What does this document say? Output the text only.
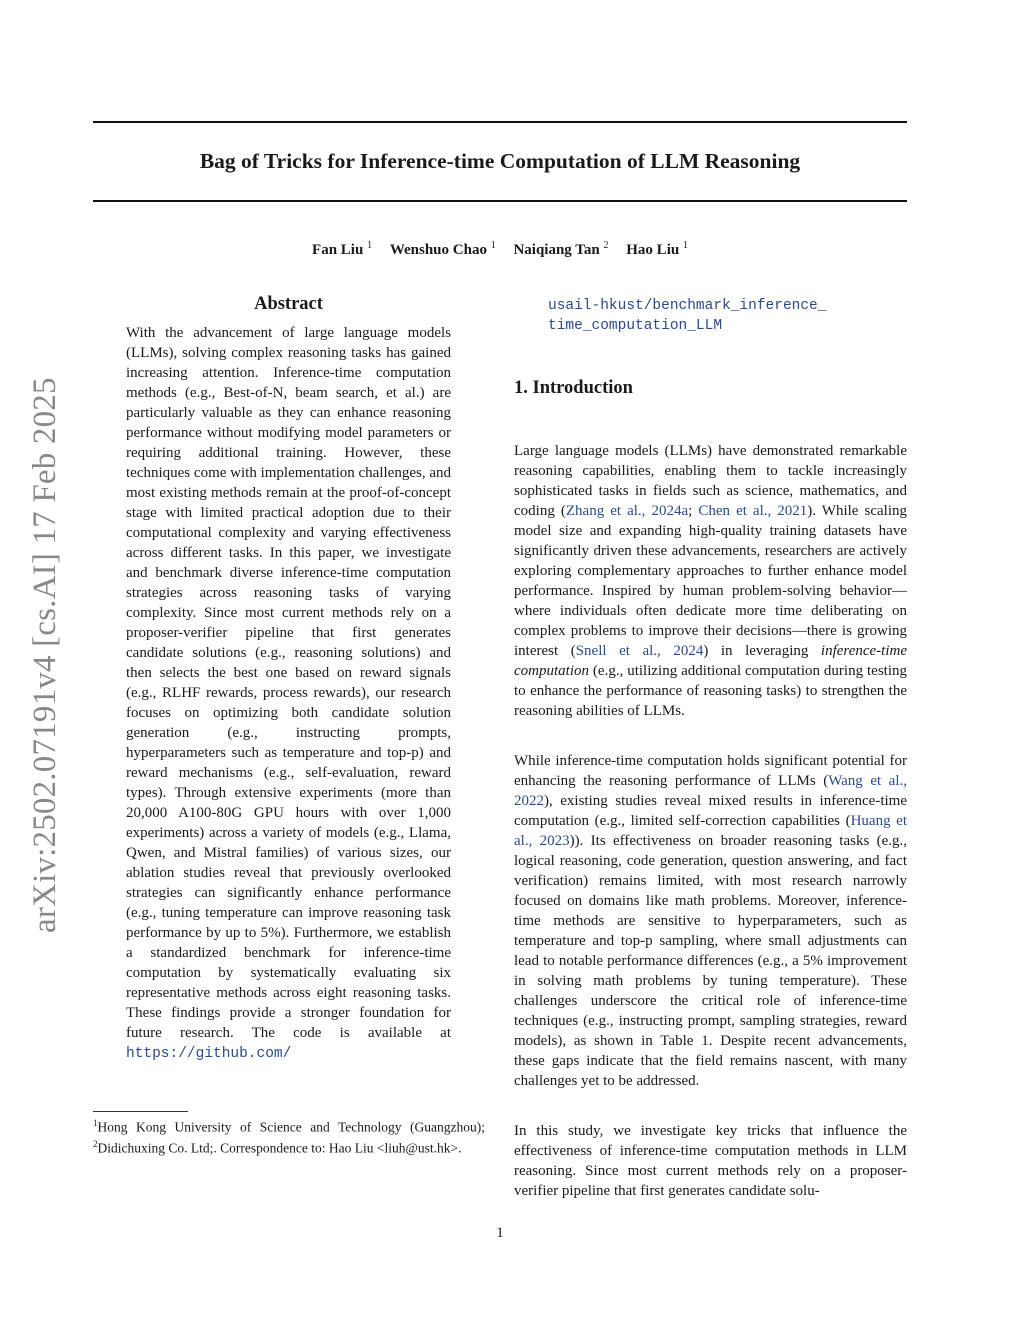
Bag of Tricks for Inference-time Computation of LLM Reasoning
Fan Liu $^1$ Wenshuo Chao $^1$ Naiqiang Tan $^2$ Hao Liu $^1$
arXiv:2502.07191v4 [cs.AI] 17 Feb 2025
Abstract

With the advancement of large language models (LLMs), solving complex reasoning tasks has gained increasing attention. Inference-time computation methods (e.g., Best-of-N, beam search, et al.) are particularly valuable as they can enhance reasoning performance without modifying model parameters or requiring additional training. However, these techniques come with implementation challenges, and most existing methods remain at the proof-of-concept stage with limited practical adoption due to their computational complexity and varying effectiveness across different tasks. In this paper, we investigate and benchmark diverse inference-time computation strategies across reasoning tasks of varying complexity. Since most current methods rely on a proposer-verifier pipeline that first generates candidate solutions (e.g., reasoning solutions) and then selects the best one based on reward signals (e.g., RLHF rewards, process rewards), our research focuses on optimizing both candidate solution generation (e.g., instructing prompts, hyperparameters such as temperature and top-p) and reward mechanisms (e.g., self-evaluation, reward types). Through extensive experiments (more than 20,000 A100-80G GPU hours with over 1,000 experiments) across a variety of models (e.g., Llama, Qwen, and Mistral families) of various sizes, our ablation studies reveal that previously overlooked strategies can significantly enhance performance (e.g., tuning temperature can improve reasoning task performance by up to 5%). Furthermore, we establish a standardized benchmark for inference-time computation by systematically evaluating six representative methods across eight reasoning tasks. These findings provide a stronger foundation for future research. The code is available at https://github.com/

$^1$Hong Kong University of Science and Technology (Guangzhou); $^2$Didichuxing Co. Ltd;. Correspondence to: Hao Liu <liuh@ust.hk>.

usail-hkust/benchmark_inference_
time_computation_LLM
1. Introduction

Large language models (LLMs) have demonstrated remarkable reasoning capabilities, enabling them to tackle increasingly sophisticated tasks in fields such as science, mathematics, and coding (Zhang et al., 2024a; Chen et al., 2021). While scaling model size and expanding high-quality training datasets have significantly driven these advancements, researchers are actively exploring complementary approaches to further enhance model performance. Inspired by human problem-solving behavior—where individuals often dedicate more time deliberating on complex problems to improve their decisions—there is growing interest (Snell et al., 2024) in leveraging inference-time computation (e.g., utilizing additional computation during testing to enhance the performance of reasoning tasks) to strengthen the reasoning abilities of LLMs.

While inference-time computation holds significant potential for enhancing the reasoning performance of LLMs (Wang et al., 2022), existing studies reveal mixed results in inference-time computation (e.g., limited self-correction capabilities (Huang et al., 2023)). Its effectiveness on broader reasoning tasks (e.g., logical reasoning, code generation, question answering, and fact verification) remains limited, with most research narrowly focused on domains like math problems. Moreover, inference-time methods are sensitive to hyperparameters, such as temperature and top-p sampling, where small adjustments can lead to notable performance differences (e.g., a 5% improvement in solving math problems by tuning temperature). These challenges underscore the critical role of inference-time techniques (e.g., instructing prompt, sampling strategies, reward models), as shown in Table 1. Despite recent advancements, these gaps indicate that the field remains nascent, with many challenges yet to be addressed.

In this study, we investigate key tricks that influence the effectiveness of inference-time computation methods in LLM reasoning. Since most current methods rely on a proposer-verifier pipeline that first generates candidate solu-

1
